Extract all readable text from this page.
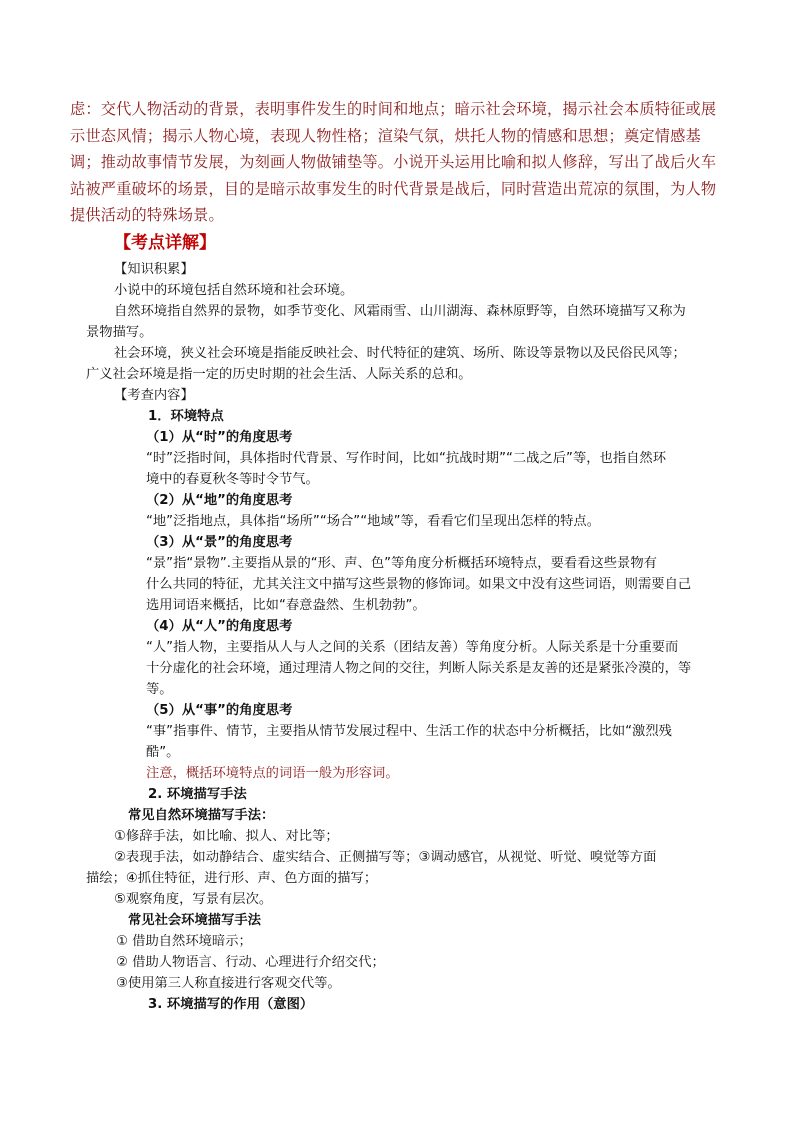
虑：交代人物活动的背景，表明事件发生的时间和地点；暗示社会环境，揭示社会本质特征或展示世态风情；揭示人物心境，表现人物性格；渲染气氛，烘托人物的情感和思想；奠定情感基调；推动故事情节发展，为刻画人物做铺垫等。小说开头运用比喻和拟人修辞，写出了战后火车站被严重破坏的场景，目的是暗示故事发生的时代背景是战后，同时营造出荒凉的氛围，为人物提供活动的特殊场景。

【考点详解】

【知识积累】

小说中的环境包括自然环境和社会环境。

自然环境指自然界的景物，如季节变化、风霜雨雪、山川湖海、森林原野等，自然环境描写又称为

景物描写。

社会环境，狭义社会环境是指能反映社会、时代特征的建筑、场所、陈设等景物以及民俗民风等；

广义社会环境是指一定的历史时期的社会生活、人际关系的总和。

【考查内容】

1．环境特点

（1）从“时”的角度思考

“时”泛指时间，具体指时代背景、写作时间，比如“抗战时期”“二战之后”等，也指自然环

境中的春夏秋冬等时令节气。

（2）从“地”的角度思考

“地”泛指地点，具体指“场所”“场合”“地域”等，看看它们呈现出怎样的特点。

（3）从“景”的角度思考

“景”指“景物”.主要指从景的“形、声、色”等角度分析概括环境特点，要看看这些景物有

什么共同的特征，尤其关注文中描写这些景物的修饰词。如果文中没有这些词语，则需要自己

选用词语来概括，比如“春意盎然、生机勃勃”。

（4）从“人”的角度思考

“人”指人物，主要指从人与人之间的关系（团结友善）等角度分析。人际关系是十分重要而

十分虚化的社会环境，通过理清人物之间的交往，判断人际关系是友善的还是紧张冷漠的，等

等。

（5）从“事”的角度思考

“事”指事件、情节，主要指从情节发展过程中、生活工作的状态中分析概括，比如“激烈残

酷”。

注意，概括环境特点的词语一般为形容词。

2. 环境描写手法

常见自然环境描写手法：

①修辞手法，如比喻、拟人、对比等；

②表现手法，如动静结合、虚实结合、正侧描写等；③调动感官，从视觉、听觉、嗅觉等方面

描绘；④抓住特征，进行形、声、色方面的描写；

⑤观察角度，写景有层次。

常见社会环境描写手法

① 借助自然环境暗示；

② 借助人物语言、行动、心理进行介绍交代；

③使用第三人称直接进行客观交代等。

3. 环境描写的作用（意图）
